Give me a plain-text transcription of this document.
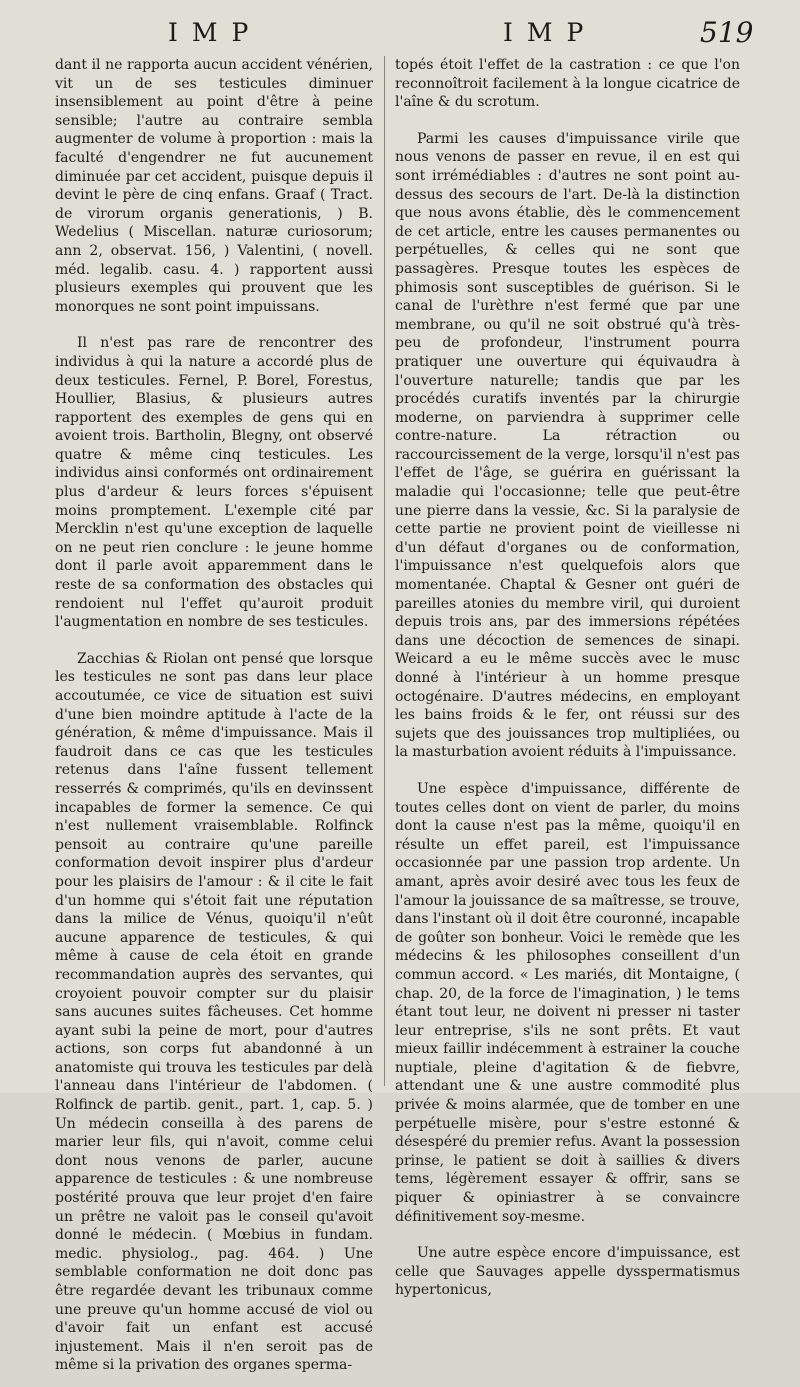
IMP	IMP	519

dant il ne rapporta aucun accident vénérien, vit un de ses testicules diminuer insensiblement au point d'être à peine sensible; l'autre au contraire sembla augmenter de volume à proportion : mais la faculté d'engendrer ne fut aucunement diminuée par cet accident, puisque depuis il devint le père de cinq enfans. Graaf ( Tract. de virorum organis generationis, ) B. Wedelius ( Miscellan. naturæ curiosorum; ann 2, observat. 156, ) Valentini, ( novell. méd. legalib. casu. 4. ) rapportent aussi plusieurs exemples qui prouvent que les monorques ne sont point impuissans.

Il n'est pas rare de rencontrer des individus à qui la nature a accordé plus de deux testicules. Fernel, P. Borel, Forestus, Houllier, Blasius, & plusieurs autres rapportent des exemples de gens qui en avoient trois. Bartholin, Blegny, ont observé quatre & même cinq testicules. Les individus ainsi conformés ont ordinairement plus d'ardeur & leurs forces s'épuisent moins promptement. L'exemple cité par Mercklin n'est qu'une exception de laquelle on ne peut rien conclure : le jeune homme dont il parle avoit apparemment dans le reste de sa conformation des obstacles qui rendoient nul l'effet qu'auroit produit l'augmentation en nombre de ses testicules.

Zacchias & Riolan ont pensé que lorsque les testicules ne sont pas dans leur place accoutumée, ce vice de situation est suivi d'une bien moindre aptitude à l'acte de la génération, & même d'impuissance. Mais il faudroit dans ce cas que les testicules retenus dans l'aîne fussent tellement resserrés & comprimés, qu'ils en devinssent incapables de former la semence. Ce qui n'est nullement vraisemblable. Rolfinck pensoit au contraire qu'une pareille conformation devoit inspirer plus d'ardeur pour les plaisirs de l'amour : & il cite le fait d'un homme qui s'étoit fait une réputation dans la milice de Vénus, quoiqu'il n'eût aucune apparence de testicules, & qui même à cause de cela étoit en grande recommandation auprès des servantes, qui croyoient pouvoir compter sur du plaisir sans aucunes suites fâcheuses. Cet homme ayant subi la peine de mort, pour d'autres actions, son corps fut abandonné à un anatomiste qui trouva les testicules par delà l'anneau dans l'intérieur de l'abdomen. ( Rolfinck de partib. genit., part. 1, cap. 5. ) Un médecin conseilla à des parens de marier leur fils, qui n'avoit, comme celui dont nous venons de parler, aucune apparence de testicules : & une nombreuse postérité prouva que leur projet d'en faire un prêtre ne valoit pas le conseil qu'avoit donné le médecin. ( Mœbius in fundam. medic. physiolog., pag. 464. ) Une semblable conformation ne doit donc pas être regardée devant les tribunaux comme une preuve qu'un homme accusé de viol ou d'avoir fait un enfant est accusé injustement. Mais il n'en seroit pas de même si la privation des organes sperma-

topés étoit l'effet de la castration : ce que l'on reconnoîtroit facilement à la longue cicatrice de l'aîne & du scrotum.

Parmi les causes d'impuissance virile que nous venons de passer en revue, il en est qui sont irrémédiables : d'autres ne sont point au-dessus des secours de l'art. De-là la distinction que nous avons établie, dès le commencement de cet article, entre les causes permanentes ou perpétuelles, & celles qui ne sont que passagères. Presque toutes les espèces de phimosis sont susceptibles de guérison. Si le canal de l'urèthre n'est fermé que par une membrane, ou qu'il ne soit obstrué qu'à très-peu de profondeur, l'instrument pourra pratiquer une ouverture qui équivaudra à l'ouverture naturelle; tandis que par les procédés curatifs inventés par la chirurgie moderne, on parviendra à supprimer celle contre-nature. La rétraction ou raccourcissement de la verge, lorsqu'il n'est pas l'effet de l'âge, se guérira en guérissant la maladie qui l'occasionne; telle que peut-être une pierre dans la vessie, &c. Si la paralysie de cette partie ne provient point de vieillesse ni d'un défaut d'organes ou de conformation, l'impuissance n'est quelquefois alors que momentanée. Chaptal & Gesner ont guéri de pareilles atonies du membre viril, qui duroient depuis trois ans, par des immersions répétées dans une décoction de semences de sinapi. Weicard a eu le même succès avec le musc donné à l'intérieur à un homme presque octogénaire. D'autres médecins, en employant les bains froids & le fer, ont réussi sur des sujets que des jouissances trop multipliées, ou la masturbation avoient réduits à l'impuissance.

Une espèce d'impuissance, différente de toutes celles dont on vient de parler, du moins dont la cause n'est pas la même, quoiqu'il en résulte un effet pareil, est l'impuissance occasionnée par une passion trop ardente. Un amant, après avoir desiré avec tous les feux de l'amour la jouissance de sa maîtresse, se trouve, dans l'instant où il doit être couronné, incapable de goûter son bonheur. Voici le remède que les médecins & les philosophes conseillent d'un commun accord. « Les mariés, dit Montaigne, ( chap. 20, de la force de l'imagination, ) le tems étant tout leur, ne doivent ni presser ni taster leur entreprise, s'ils ne sont prêts. Et vaut mieux faillir indécemment à estrainer la couche nuptiale, pleine d'agitation & de fiebvre, attendant une & une austre commodité plus privée & moins alarmée, que de tomber en une perpétuelle misère, pour s'estre estonné & désespéré du premier refus. Avant la possession prinse, le patient se doit à saillies & divers tems, légèrement essayer & offrir, sans se piquer & opiniastrer à se convaincre définitivement soy-mesme.

Une autre espèce encore d'impuissance, est celle que Sauvages appelle dysspermatismus hypertonicus,
